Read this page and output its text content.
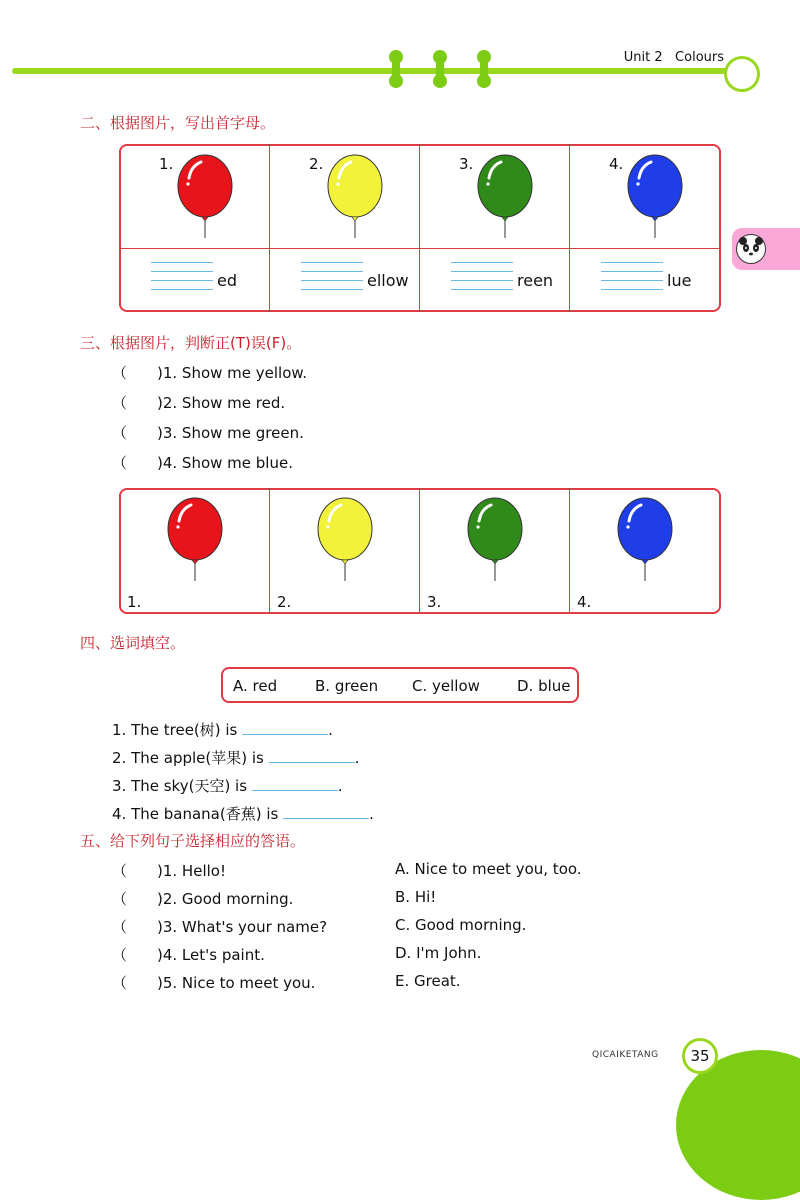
Unit 2 Colours
二、根据图片，写出首字母。
1.
ed
2.
ellow
3.
reen
4.
lue
三、根据图片，判断正(T)误(F)。
（　　)1. Show me yellow.
（　　)2. Show me red.
（　　)3. Show me green.
（　　)4. Show me blue.
1.	2.	3.	4.
四、选词填空。
A. red	B. green C. yellow D. blue
1. The tree(树) is	.
2. The apple(苹果) is	.
3. The sky(天空) is	.
4. The banana(香蕉) is	.
五、给下列句子选择相应的答语。
（　　)1. Hello!
（　　)2. Good morning.
（　　)3. What's your name?
（　　)4. Let's paint.
（　　)5. Nice to meet you.
A. Nice to meet you, too.
B. Hi!
C. Good morning.
D. I'm John.
E. Great.
QICAIKETANG	35
